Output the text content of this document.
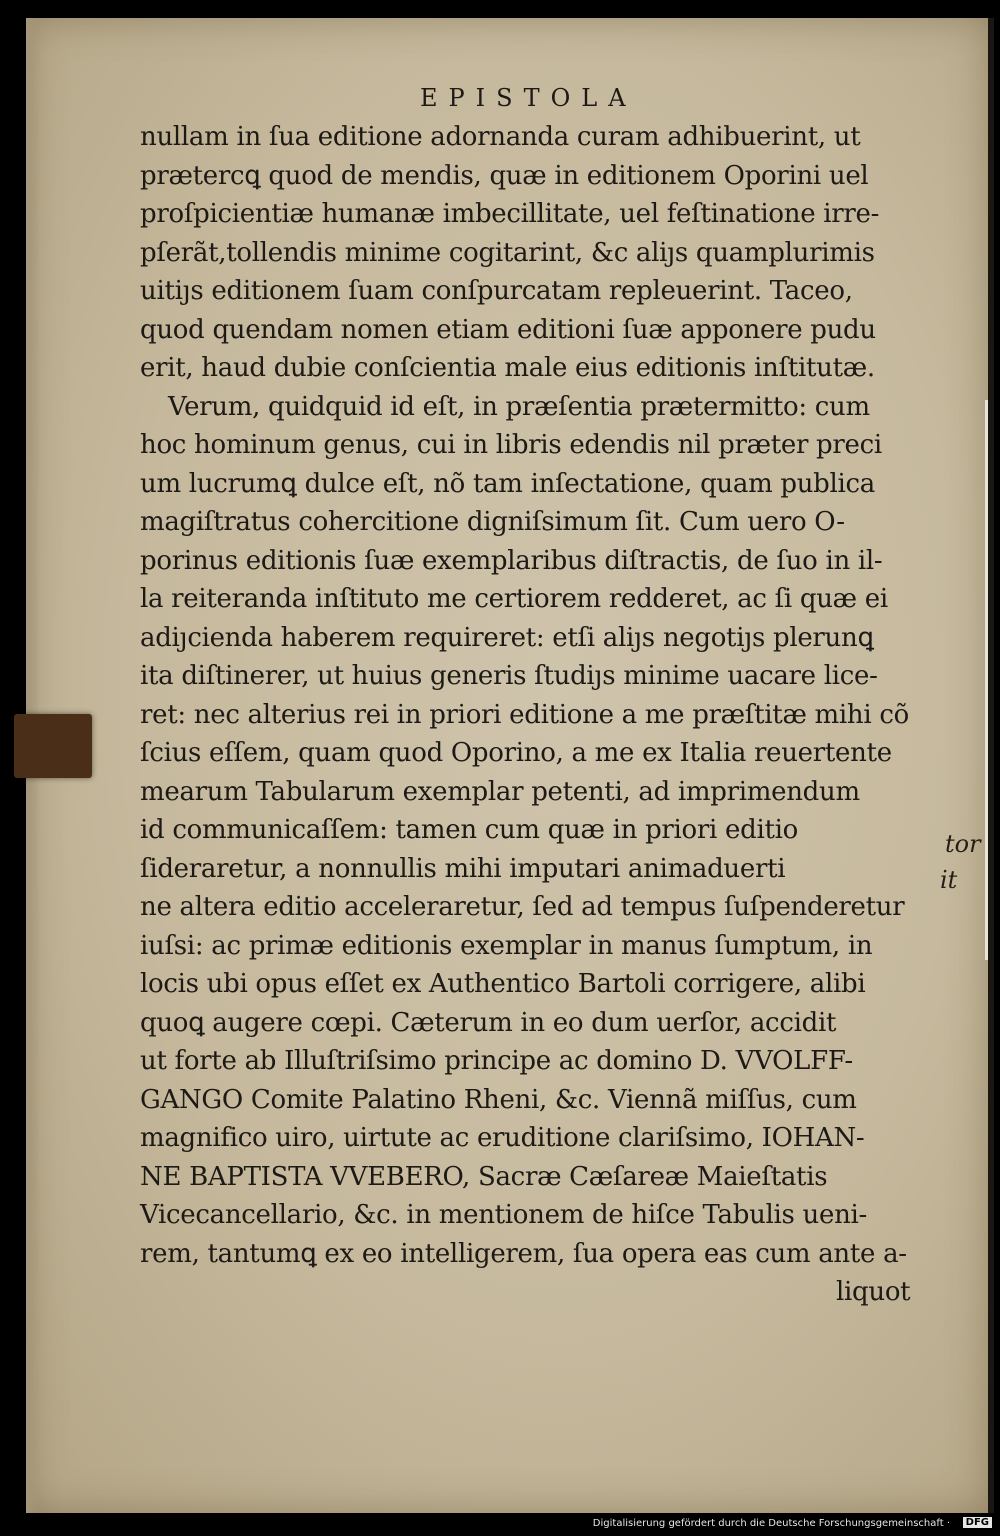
EPISTOLA
nullam in ſua editione adornanda curam adhibuerint, ut
prætercꝗ quod de mendis, quæ in editionem Oporini uel
proſpicientiæ humanæ imbecillitate, uel feſtinatione irre-
pſerãt,tollendis minime cogitarint, &c aliȷs quamplurimis
uitiȷs editionem ſuam conſpurcatam repleuerint. Taceo,
quod quendam nomen etiam editioni ſuæ apponere pudu
erit, haud dubie conſcientia male eius editionis inſtitutæ.
Verum, quidquid id eſt, in præſentia prætermitto: cum
hoc hominum genus, cui in libris edendis nil præter preci
um lucrumꝗ dulce eſt, nõ tam inſectatione, quam publica
magiſtratus cohercitione digniſsimum ſit. Cum uero O-
porinus editionis ſuæ exemplaribus diſtractis, de ſuo in il-
la reiteranda inſtituto me certiorem redderet, ac ſi quæ ei
adiȷcienda haberem requireret: etſi aliȷs negotiȷs plerunꝗ
ita diſtinerer, ut huius generis ſtudiȷs minime uacare lice-
ret: nec alterius rei in priori editione a me præſtitæ mihi cõ
ſcius eſſem, quam quod Oporino, a me ex Italia reuertente
mearum Tabularum exemplar petenti, ad imprimendum
id communicaſſem: tamen cum quæ in priori editio
ſideraretur, a nonnullis mihi imputari animaduerti
ne altera editio acceleraretur, ſed ad tempus ſuſpenderetur
iuſsi: ac primæ editionis exemplar in manus ſumptum, in
locis ubi opus eſſet ex Authentico Bartoli corrigere, alibi
quoꝗ augere cœpi. Cæterum in eo dum uerſor, accidit
ut forte ab Illuſtriſsimo principe ac domino D. VVOLFF-
GANGO Comite Palatino Rheni, &c. Viennã miſſus, cum
magnifico uiro, uirtute ac eruditione clariſsimo, IOHAN-
NE BAPTISTA VVEBERO, Sacræ Cæſareæ Maieſtatis
Vicecancellario, &c. in mentionem de hiſce Tabulis ueni-
rem, tantumꝗ ex eo intelligerem, ſua opera eas cum ante a-
liquot
tor
it
Digitalisierung gefördert durch die Deutsche Forschungsgemeinschaft ·	DFG
